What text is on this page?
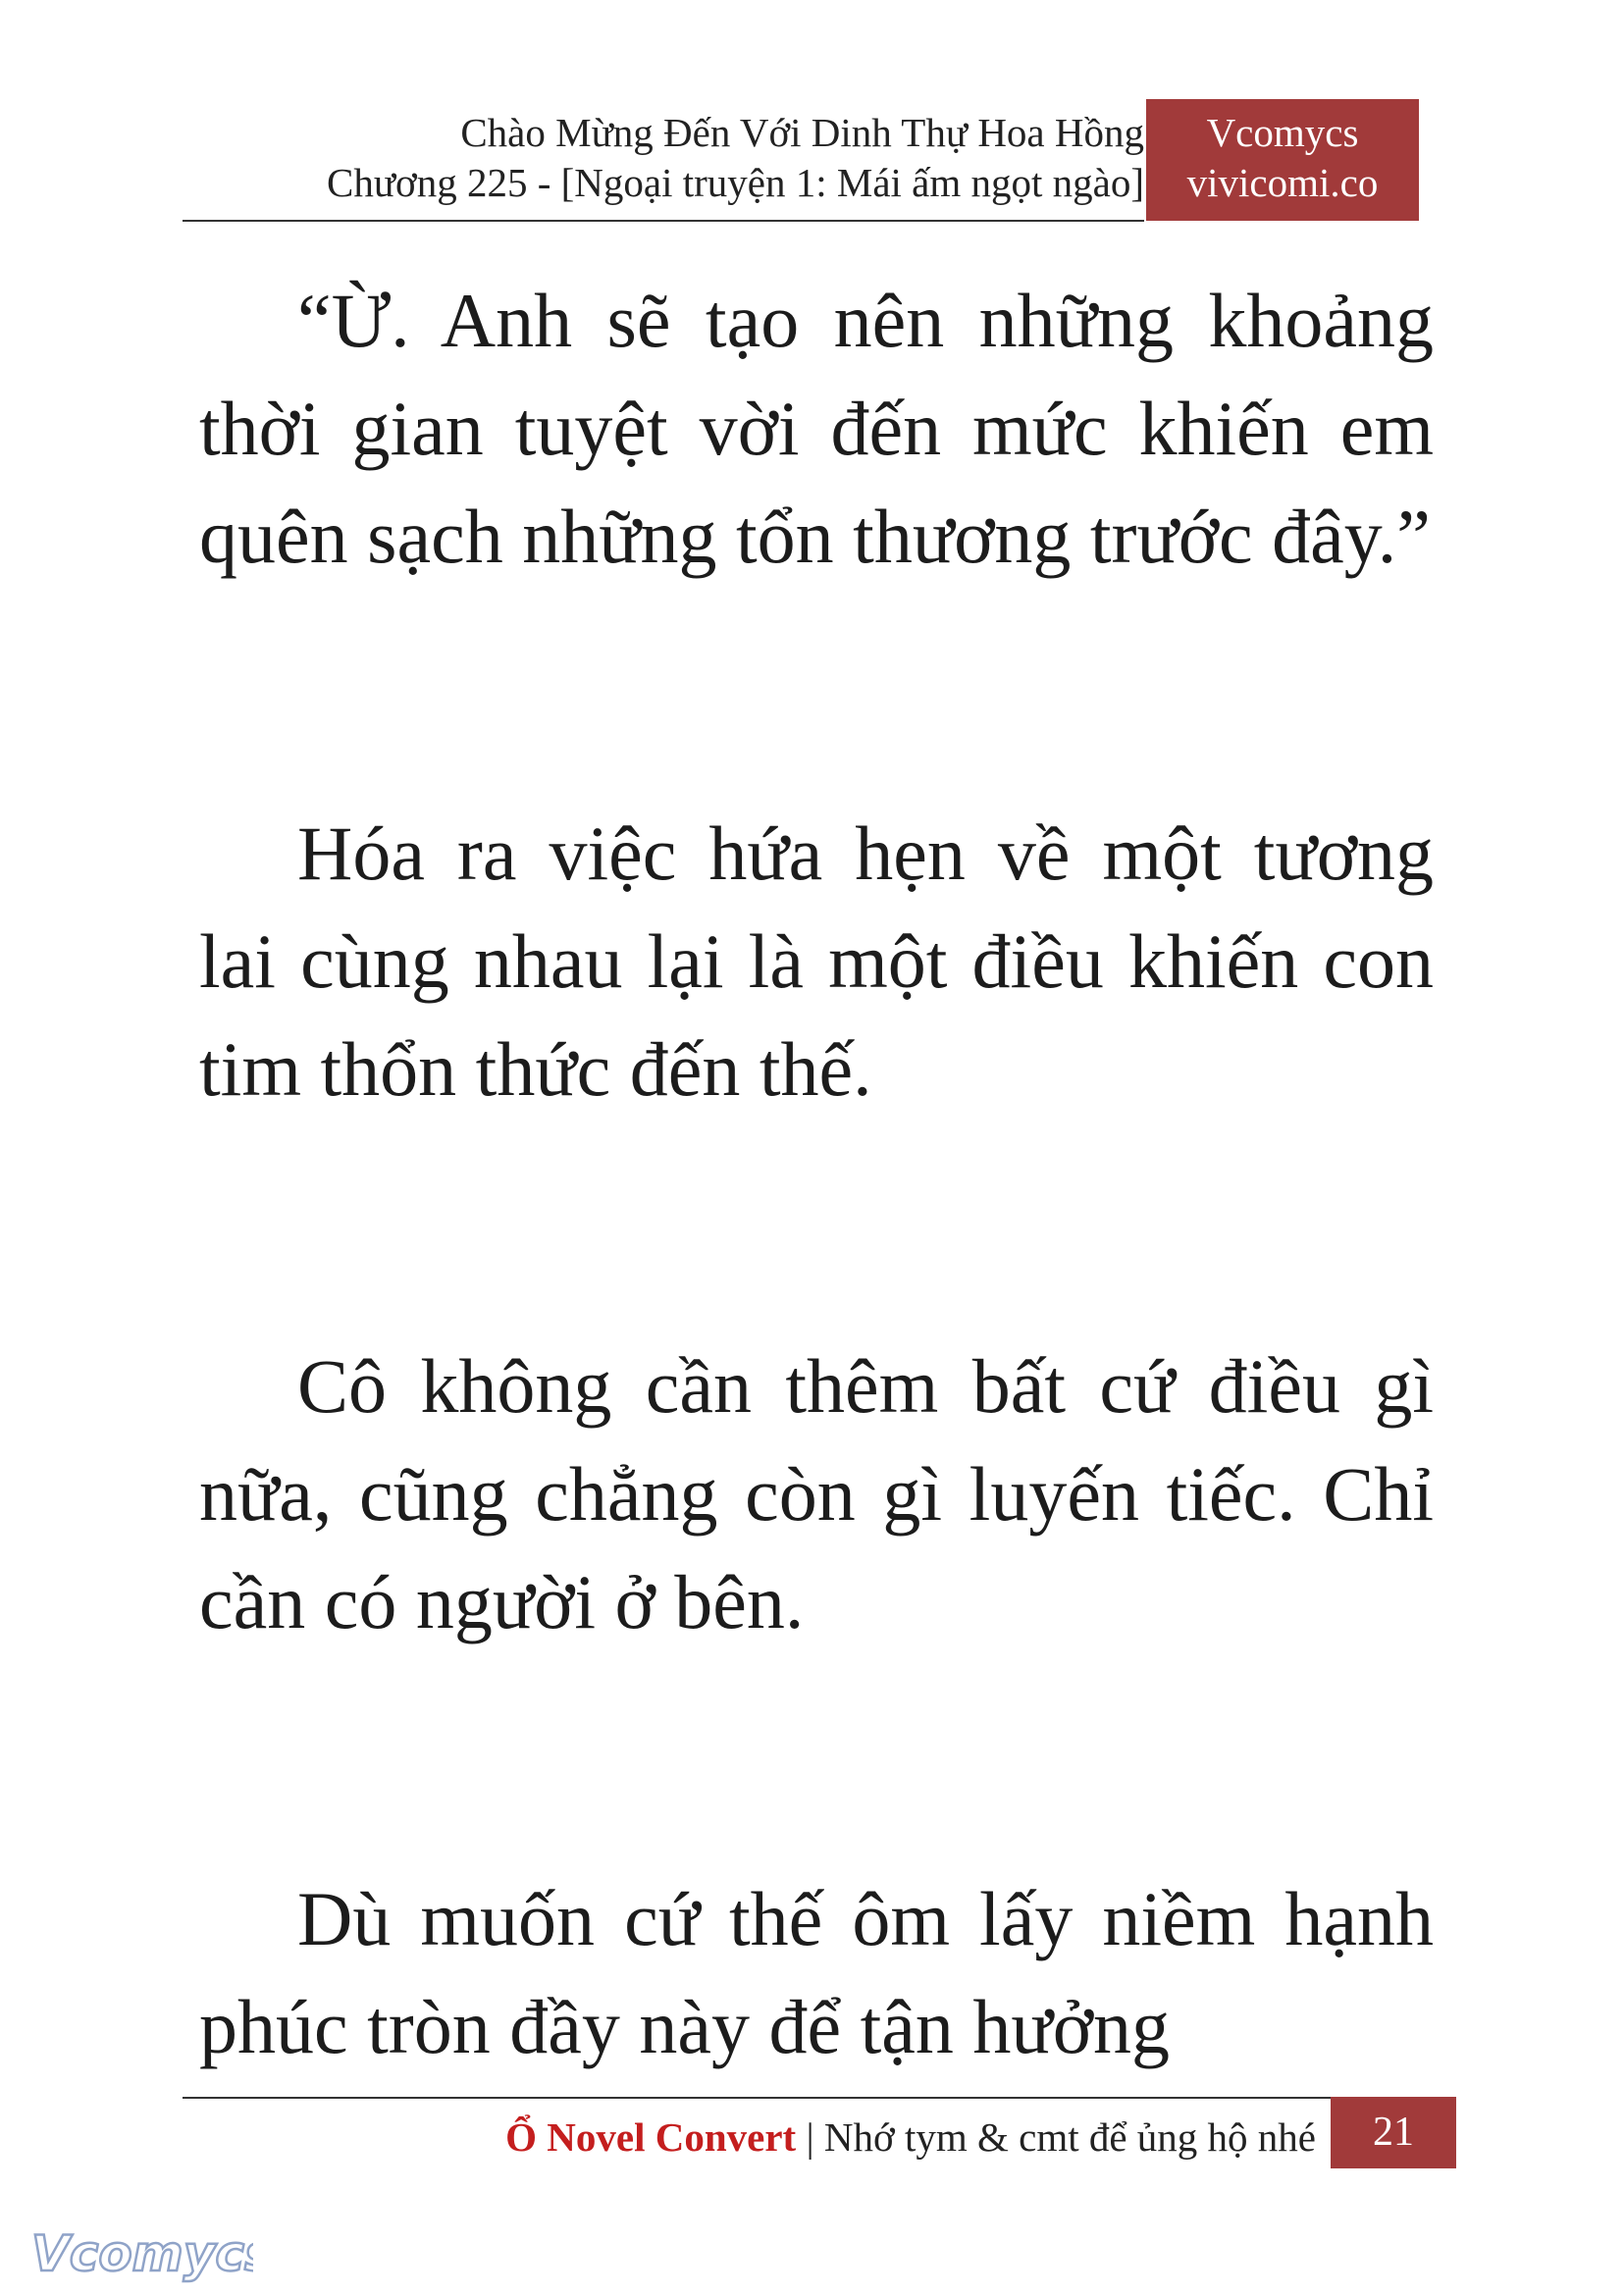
Chào Mừng Đến Với Dinh Thự Hoa Hồng
Chương 225 - [Ngoại truyện 1: Mái ấm ngọt ngào]
Vcomycs
vivicomi.co

“Ừ. Anh sẽ tạo nên những khoảng thời gian tuyệt vời đến mức khiến em quên sạch những tổn thương trước đây.”

Hóa ra việc hứa hẹn về một tương lai cùng nhau lại là một điều khiến con tim thổn thức đến thế.

Cô không cần thêm bất cứ điều gì nữa, cũng chẳng còn gì luyến tiếc. Chỉ cần có người ở bên.

Dù muốn cứ thế ôm lấy niềm hạnh phúc tròn đầy này để tận hưởng

Ổ Novel Convert | Nhớ tym & cmt để ủng hộ nhé	21
Vcomycs
